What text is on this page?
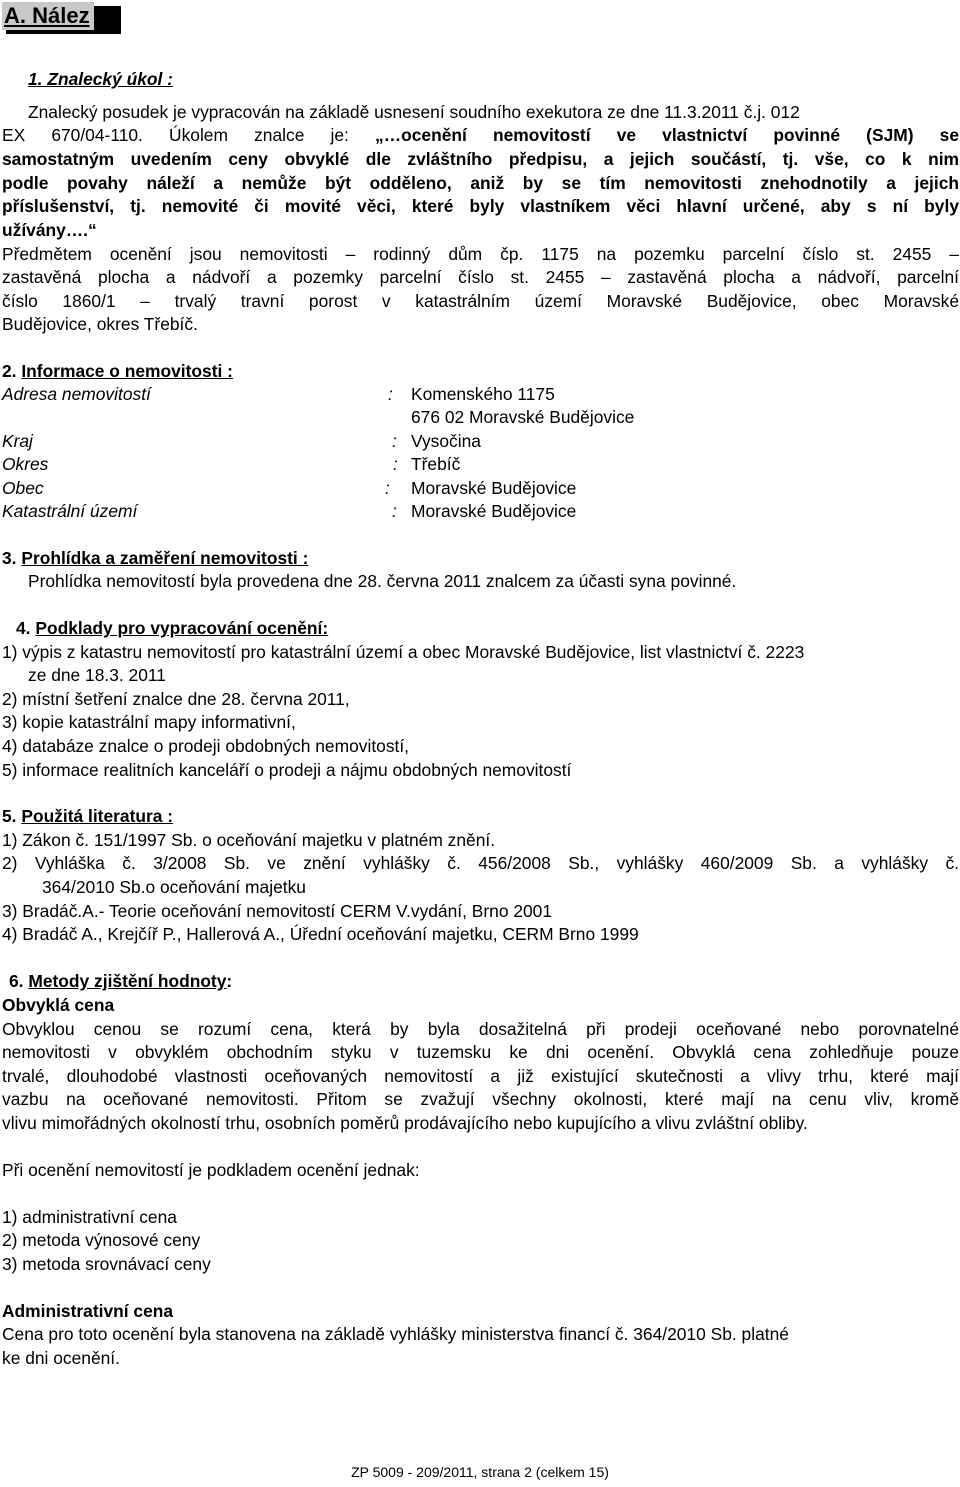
A. Nález
1. Znalecký úkol :
Znalecký posudek je vypracován na základě usnesení soudního exekutora ze dne 11.3.2011 č.j. 012
EX 670/04-110. Úkolem znalce je: „…ocenění nemovitostí ve vlastnictví povinné (SJM) se
samostatným uvedením ceny obvyklé dle zvláštního předpisu, a jejich součástí, tj. vše, co k nim
podle povahy náleží a nemůže být odděleno, aniž by se tím nemovitosti znehodnotily a jejich
příslušenství, tj. nemovité či movité věci, které byly vlastníkem věci hlavní určené, aby s ní byly
užívány….“
Předmětem ocenění jsou nemovitosti – rodinný dům čp. 1175 na pozemku parcelní číslo st. 2455 –
zastavěná plocha a nádvoří a pozemky parcelní číslo st. 2455 – zastavěná plocha a nádvoří, parcelní
číslo 1860/1 – trvalý travní porost v katastrálním území Moravské Budějovice, obec Moravské
Budějovice, okres Třebíč.
2. Informace o nemovitosti :
Adresa nemovitostí	: Komenského 1175
676 02 Moravské Budějovice
Kraj	: Vysočina
Okres	: Třebíč
Obec	: Moravské Budějovice
Katastrální území	: Moravské Budějovice
3. Prohlídka a zaměření nemovitosti :
Prohlídka nemovitostí byla provedena dne 28. června 2011 znalcem za účasti syna povinné.
4. Podklady pro vypracování ocenění:
1) výpis z katastru nemovitostí pro katastrální území a obec Moravské Budějovice, list vlastnictví č. 2223
ze dne 18.3. 2011
2) místní šetření znalce dne 28. června 2011,
3) kopie katastrální mapy informativní,
4) databáze znalce o prodeji obdobných nemovitostí,
5) informace realitních kanceláří o prodeji a nájmu obdobných nemovitostí
5. Použitá literatura :
1) Zákon č. 151/1997 Sb. o oceňování majetku v platném znění.
2) Vyhláška č. 3/2008 Sb. ve znění vyhlášky č. 456/2008 Sb., vyhlášky 460/2009 Sb. a vyhlášky č.
364/2010 Sb.o oceňování majetku
3) Bradáč.A.- Teorie oceňování nemovitostí CERM V.vydání, Brno 2001
4) Bradáč A., Krejčíř P., Hallerová A., Úřední oceňování majetku, CERM Brno 1999
6. Metody zjištění hodnoty:
Obvyklá cena
Obvyklou cenou se rozumí cena, která by byla dosažitelná při prodeji oceňované nebo porovnatelné
nemovitosti v obvyklém obchodním styku v tuzemsku ke dni ocenění. Obvyklá cena zohledňuje pouze
trvalé, dlouhodobé vlastnosti oceňovaných nemovitostí a již existující skutečnosti a vlivy trhu, které mají
vazbu na oceňované nemovitosti. Přitom se zvažují všechny okolnosti, které mají na cenu vliv, kromě
vlivu mimořádných okolností trhu, osobních poměrů prodávajícího nebo kupujícího a vlivu zvláštní obliby.
Při ocenění nemovitostí je podkladem ocenění jednak:
1) administrativní cena
2) metoda výnosové ceny
3) metoda srovnávací ceny
Administrativní cena
Cena pro toto ocenění byla stanovena na základě vyhlášky ministerstva financí č. 364/2010 Sb. platné
ke dni ocenění.
ZP 5009 - 209/2011, strana 2 (celkem 15)
